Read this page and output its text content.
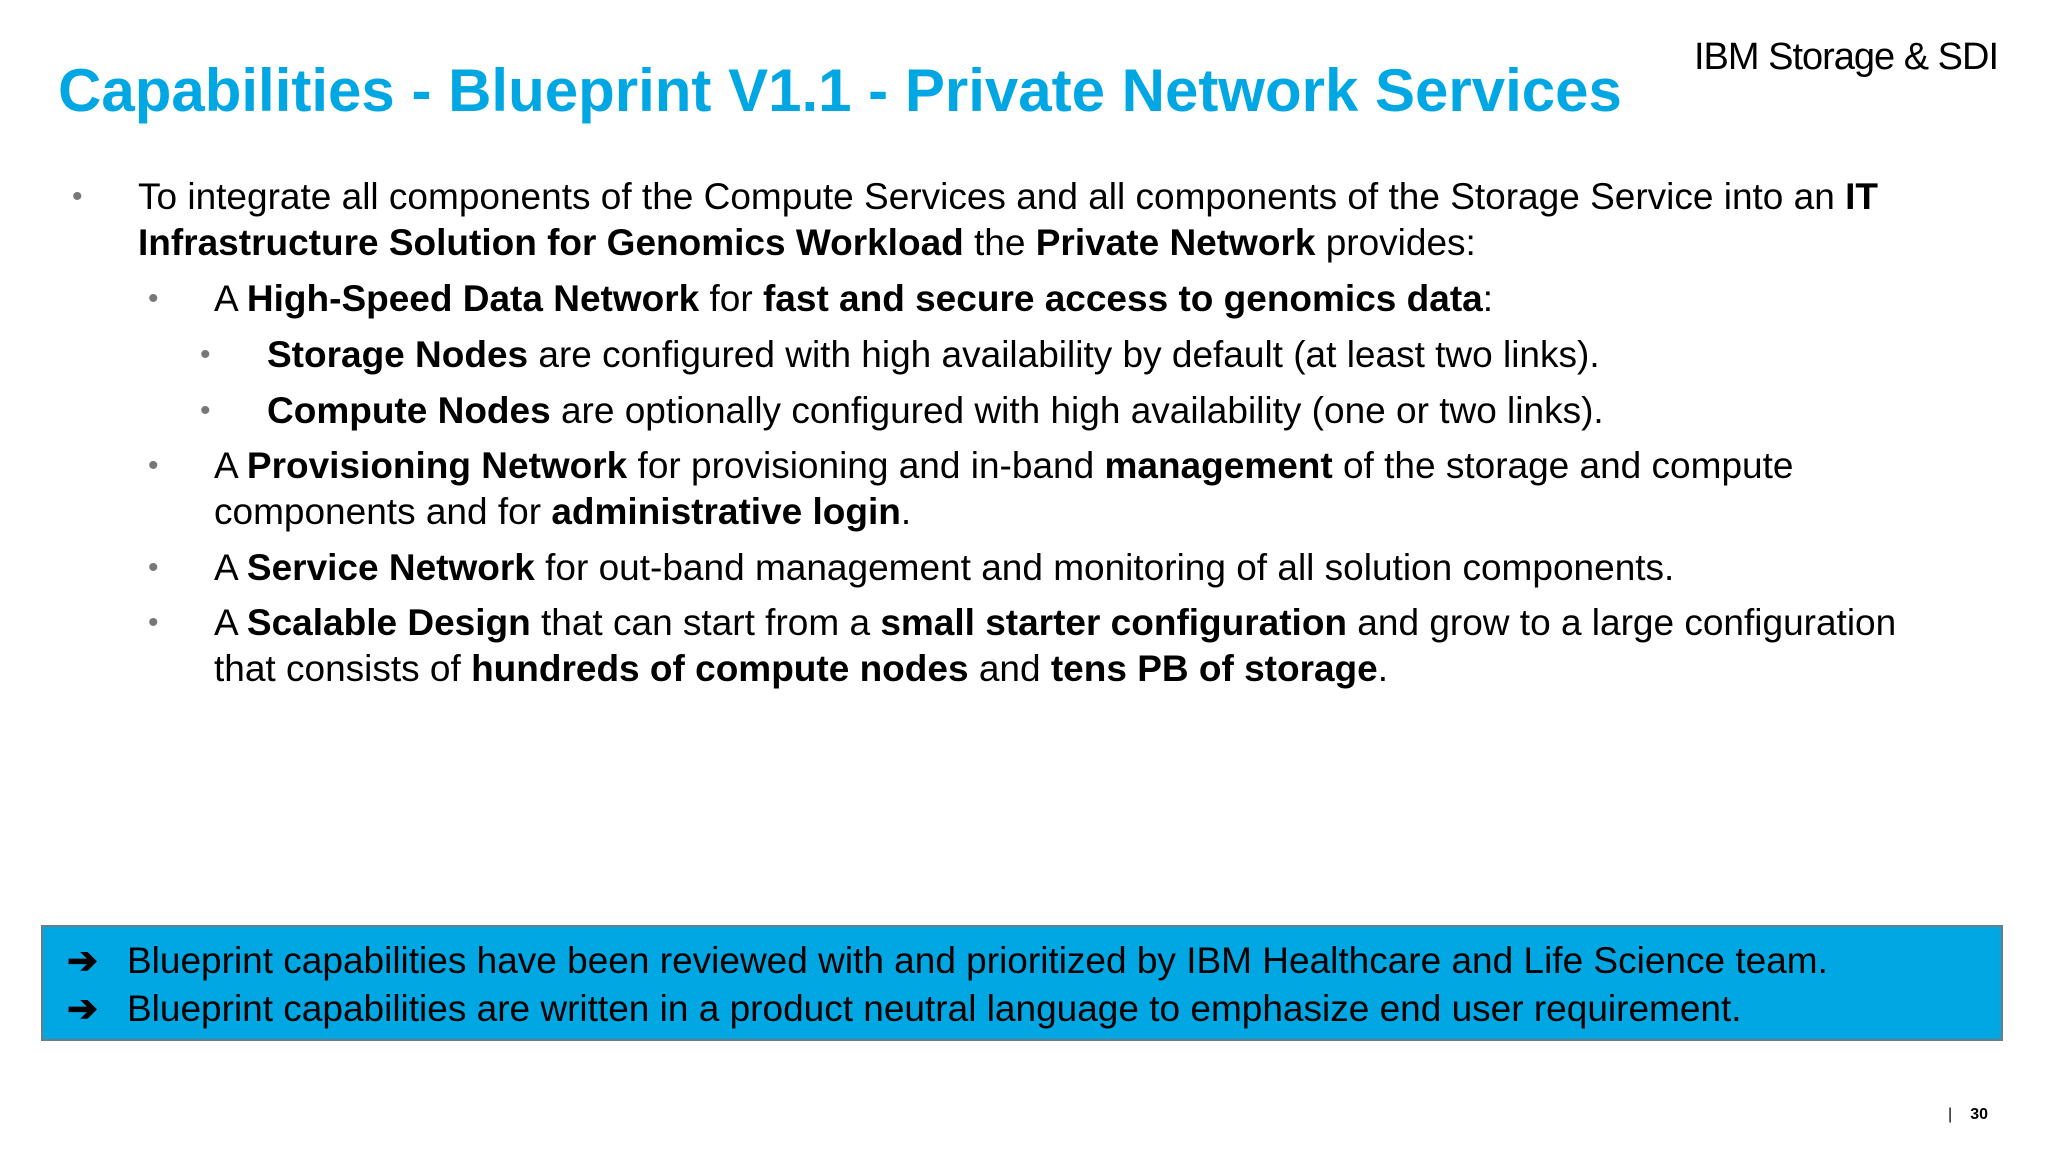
Capabilities - Blueprint V1.1 - Private Network Services IBM Storage & SDI
• To integrate all components of the Compute Services and all components of the Storage Service into an IT
Infrastructure Solution for Genomics Workload the Private Network provides:
• A High-Speed Data Network for fast and secure access to genomics data:
• Storage Nodes are configured with high availability by default (at least two links).
• Compute Nodes are optionally configured with high availability (one or two links).
• A Provisioning Network for provisioning and in-band management of the storage and compute
components and for administrative login.
• A Service Network for out-band management and monitoring of all solution components.
• A Scalable Design that can start from a small starter configuration and grow to a large configuration
that consists of hundreds of compute nodes and tens PB of storage.
➔ Blueprint capabilities have been reviewed with and prioritized by IBM Healthcare and Life Science team.
➔ Blueprint capabilities are written in a product neutral language to emphasize end user requirement.
| 30
